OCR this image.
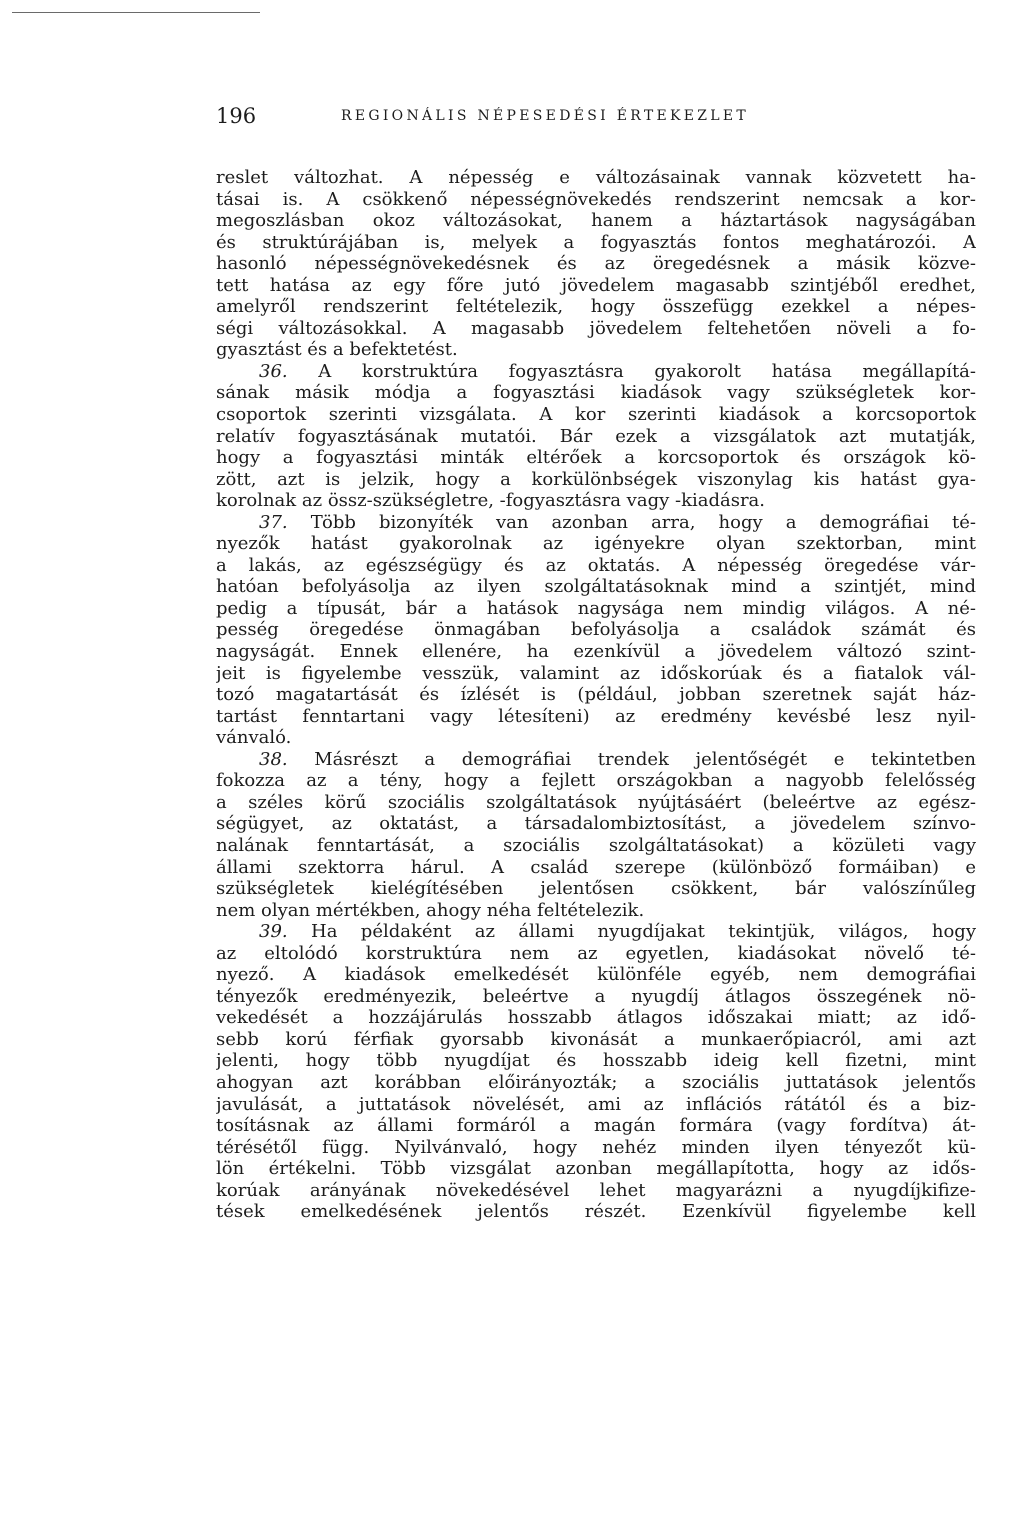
196	REGIONÁLIS NÉPESEDÉSI ÉRTEKEZLET
reslet változhat. A népesség e változásainak vannak közvetett ha-
tásai is. A csökkenő népességnövekedés rendszerint nemcsak a kor-
megoszlásban okoz változásokat, hanem a háztartások nagyságában
és struktúrájában is, melyek a fogyasztás fontos meghatározói. A
hasonló népességnövekedésnek és az öregedésnek a másik közve-
tett hatása az egy főre jutó jövedelem magasabb szintjéből eredhet,
amelyről rendszerint feltételezik, hogy összefügg ezekkel a népes-
ségi változásokkal. A magasabb jövedelem feltehetően növeli a fo-
gyasztást és a befektetést.
36. A korstruktúra fogyasztásra gyakorolt hatása megállapítá-
sának másik módja a fogyasztási kiadások vagy szükségletek kor-
csoportok szerinti vizsgálata. A kor szerinti kiadások a korcsoportok
relatív fogyasztásának mutatói. Bár ezek a vizsgálatok azt mutatják,
hogy a fogyasztási minták eltérőek a korcsoportok és országok kö-
zött, azt is jelzik, hogy a korkülönbségek viszonylag kis hatást gya-
korolnak az össz-szükségletre, -fogyasztásra vagy -kiadásra.
37. Több bizonyíték van azonban arra, hogy a demográfiai té-
nyezők hatást gyakorolnak az igényekre olyan szektorban, mint
a lakás, az egészségügy és az oktatás. A népesség öregedése vár-
hatóan befolyásolja az ilyen szolgáltatásoknak mind a szintjét, mind
pedig a típusát, bár a hatások nagysága nem mindig világos. A né-
pesség öregedése önmagában befolyásolja a családok számát és
nagyságát. Ennek ellenére, ha ezenkívül a jövedelem változó szint-
jeit is figyelembe vesszük, valamint az időskorúak és a fiatalok vál-
tozó magatartását és ízlését is (például, jobban szeretnek saját ház-
tartást fenntartani vagy létesíteni) az eredmény kevésbé lesz nyil-
vánvaló.
38. Másrészt a demográfiai trendek jelentőségét e tekintetben
fokozza az a tény, hogy a fejlett országokban a nagyobb felelősség
a széles körű szociális szolgáltatások nyújtásáért (beleértve az egész-
ségügyet, az oktatást, a társadalombiztosítást, a jövedelem színvo-
nalának fenntartását, a szociális szolgáltatásokat) a közületi vagy
állami szektorra hárul. A család szerepe (különböző formáiban) e
szükségletek kielégítésében jelentősen csökkent, bár valószínűleg
nem olyan mértékben, ahogy néha feltételezik.
39. Ha példaként az állami nyugdíjakat tekintjük, világos, hogy
az eltolódó korstruktúra nem az egyetlen, kiadásokat növelő té-
nyező. A kiadások emelkedését különféle egyéb, nem demográfiai
tényezők eredményezik, beleértve a nyugdíj átlagos összegének nö-
vekedését a hozzájárulás hosszabb átlagos időszakai miatt; az idő-
sebb korú férfiak gyorsabb kivonását a munkaerőpiacról, ami azt
jelenti, hogy több nyugdíjat és hosszabb ideig kell fizetni, mint
ahogyan azt korábban előirányozták; a szociális juttatások jelentős
javulását, a juttatások növelését, ami az inflációs rátától és a biz-
tosításnak az állami formáról a magán formára (vagy fordítva) át-
térésétől függ. Nyilvánvaló, hogy nehéz minden ilyen tényezőt kü-
lön értékelni. Több vizsgálat azonban megállapította, hogy az idős-
korúak arányának növekedésével lehet magyarázni a nyugdíjkifize-
tések emelkedésének jelentős részét. Ezenkívül figyelembe kell
